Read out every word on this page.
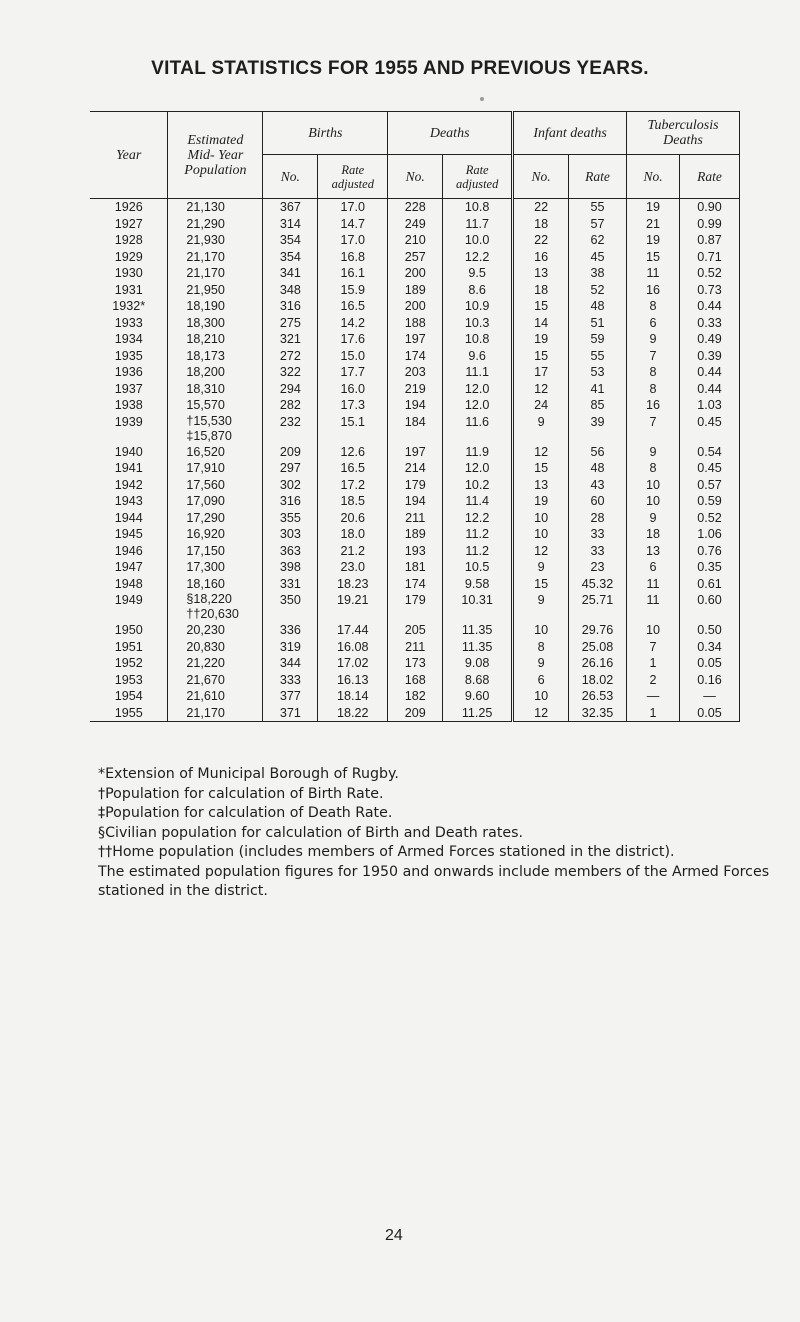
VITAL STATISTICS FOR 1955 AND PREVIOUS YEARS.
Year	Estimated
Mid- Year
Population	Births		Deaths		Infant deaths		Tuberculosis
Deaths	
		No.	Rate
adjusted	No.	Rate
adjusted	No.	Rate	No.	Rate
1926	21,130	367	17.0	228	10.8	22	55	19	0.90
1927	21,290	314	14.7	249	11.7	18	57	21	0.99
1928	21,930	354	17.0	210	10.0	22	62	19	0.87
1929	21,170	354	16.8	257	12.2	16	45	15	0.71
1930	21,170	341	16.1	200	9.5	13	38	11	0.52
1931	21,950	348	15.9	189	8.6	18	52	16	0.73
1932*	18,190	316	16.5	200	10.9	15	48	8	0.44
1933	18,300	275	14.2	188	10.3	14	51	6	0.33
1934	18,210	321	17.6	197	10.8	19	59	9	0.49
1935	18,173	272	15.0	174	9.6	15	55	7	0.39
1936	18,200	322	17.7	203	11.1	17	53	8	0.44
1937	18,310	294	16.0	219	12.0	12	41	8	0.44
1938	15,570	282	17.3	194	12.0	24	85	16	1.03
1939	†15,530
‡15,870	232	15.1	184	11.6	9	39	7	0.45
1940	16,520	209	12.6	197	11.9	12	56	9	0.54
1941	17,910	297	16.5	214	12.0	15	48	8	0.45
1942	17,560	302	17.2	179	10.2	13	43	10	0.57
1943	17,090	316	18.5	194	11.4	19	60	10	0.59
1944	17,290	355	20.6	211	12.2	10	28	9	0.52
1945	16,920	303	18.0	189	11.2	10	33	18	1.06
1946	17,150	363	21.2	193	11.2	12	33	13	0.76
1947	17,300	398	23.0	181	10.5	9	23	6	0.35
1948	18,160	331	18.23	174	9.58	15	45.32	11	0.61
1949	§18,220
††20,630	350	19.21	179	10.31	9	25.71	11	0.60
1950	20,230	336	17.44	205	11.35	10	29.76	10	0.50
1951	20,830	319	16.08	211	11.35	8	25.08	7	0.34
1952	21,220	344	17.02	173	9.08	9	26.16	1	0.05
1953	21,670	333	16.13	168	8.68	6	18.02	2	0.16
1954	21,610	377	18.14	182	9.60	10	26.53	—	—
1955	21,170	371	18.22	209	11.25	12	32.35	1	0.05

*Extension of Municipal Borough of Rugby.

†Population for calculation of Birth Rate.

‡Population for calculation of Death Rate.

§Civilian population for calculation of Birth and Death rates.

††Home population (includes members of Armed Forces stationed in the district).

The estimated population figures for 1950 and onwards include members of the Armed Forces stationed in the district.

24
